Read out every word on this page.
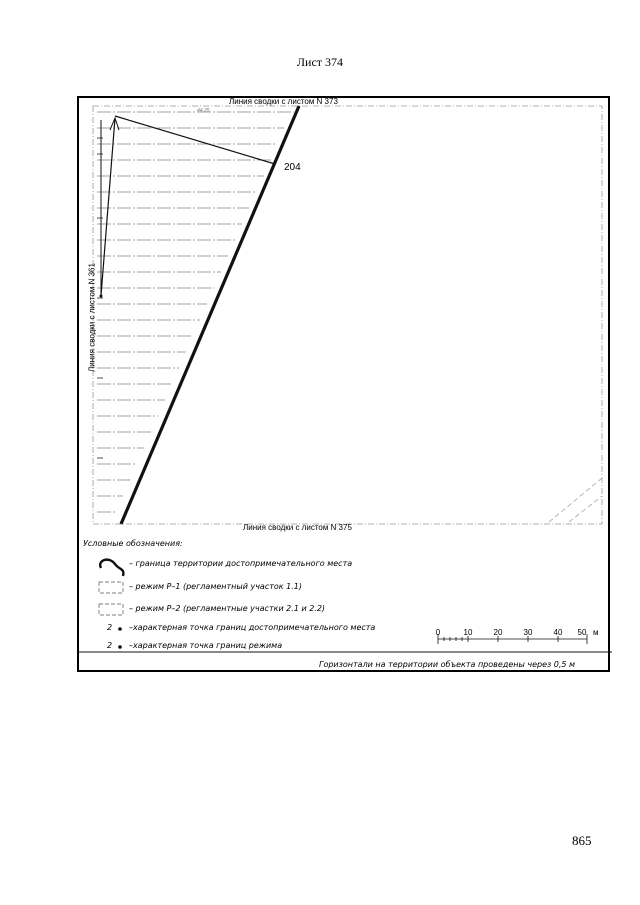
Лист 374
Линия сводки с листом N 373
Линия сводки с листом N 375
Линия сводки с листом N 361
204
44.25
Условные обозначения:
– граница территории достопримечательного места
– режим Р–1 (регламентный участок 1.1)
– режим Р–2 (регламентные участки 2.1 и 2.2)
2 –характерная точка границ достопримечательного места
2 –характерная точка границ режима
0	10	20	30	40 50 м
Горизонтали на территории объекта проведены через 0,5 м
865
